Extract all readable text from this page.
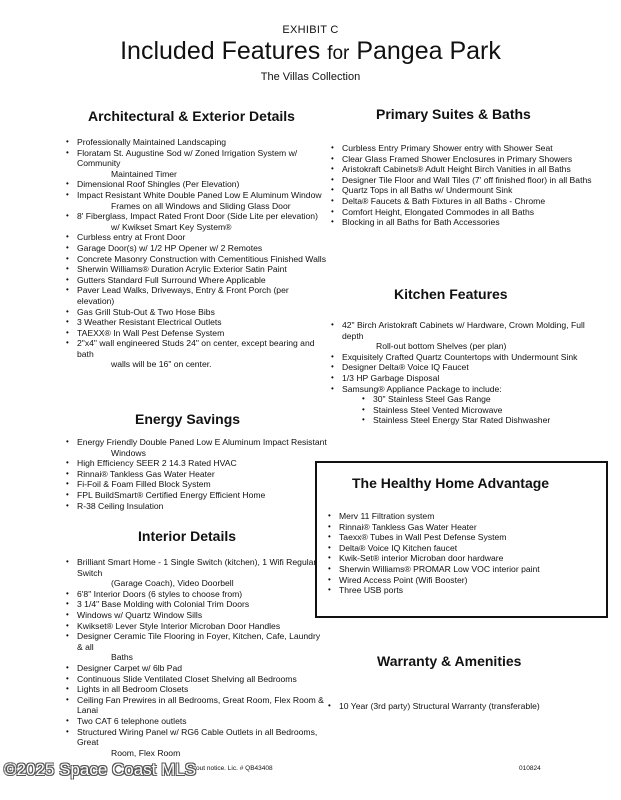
EXHIBIT C
Included Features for Pangea Park
The Villas Collection
Architectural & Exterior Details
• Professionally Maintained Landscaping
• Floratam St. Augustine Sod w/ Zoned Irrigation System w/ Community
Maintained Timer
• Dimensional Roof Shingles (Per Elevation)
• Impact Resistant White Double Paned Low E Aluminum Window
Frames on all Windows and Sliding Glass Door
• 8' Fiberglass, Impact Rated Front Door (Side Lite per elevation)
w/ Kwikset Smart Key System®
• Curbless entry at Front Door
• Garage Door(s) w/ 1/2 HP Opener w/ 2 Remotes
• Concrete Masonry Construction with Cementitious Finished Walls
• Sherwin Williams® Duration Acrylic Exterior Satin Paint
• Gutters Standard Full Surround Where Applicable
• Paver Lead Walks, Driveways, Entry & Front Porch (per elevation)
• Gas Grill Stub-Out & Two Hose Bibs
• 3 Weather Resistant Electrical Outlets
• TAEXX® In Wall Pest Defense System
• 2"x4" wall engineered Studs 24" on center, except bearing and bath
walls will be 16" on center.
Energy Savings
• Energy Friendly Double Paned Low E Aluminum Impact Resistant
Windows
• High Efficiency SEER 2 14.3 Rated HVAC
• Rinnai® Tankless Gas Water Heater
• Fi-Foil & Foam Filled Block System
• FPL BuildSmart® Certified Energy Efficient Home
• R-38 Ceiling Insulation
Interior Details
• Brilliant Smart Home - 1 Single Switch (kitchen), 1 Wifi Regular Switch
(Garage Coach), Video Doorbell
• 6'8" Interior Doors (6 styles to choose from)
• 3 1/4" Base Molding with Colonial Trim Doors
• Windows w/ Quartz Window Sills
• Kwikset® Lever Style Interior Microban Door Handles
• Designer Ceramic Tile Flooring in Foyer, Kitchen, Cafe, Laundry & all
Baths
• Designer Carpet w/ 6lb Pad
• Continuous Slide Ventilated Closet Shelving all Bedrooms
• Lights in all Bedroom Closets
• Ceiling Fan Prewires in all Bedrooms, Great Room, Flex Room & Lanai
• Two CAT 6 telephone outlets
• Structured Wiring Panel w/ RG6 Cable Outlets in all Bedrooms, Great
Room, Flex Room
Primary Suites & Baths
• Curbless Entry Primary Shower entry with Shower Seat
• Clear Glass Framed Shower Enclosures in Primary Showers
• Aristokraft Cabinets® Adult Height Birch Vanities in all Baths
• Designer Tile Floor and Wall Tiles (7' off finished floor) in all Baths
• Quartz Tops in all Baths w/ Undermount Sink
• Delta® Faucets & Bath Fixtures in all Baths - Chrome
• Comfort Height, Elongated Commodes in all Baths
• Blocking in all Baths for Bath Accessories
Kitchen Features
• 42" Birch Aristokraft Cabinets w/ Hardware, Crown Molding, Full depth
Roll-out bottom Shelves (per plan)
• Exquisitely Crafted Quartz Countertops with Undermount Sink
• Designer Delta® Voice IQ Faucet
• 1/3 HP Garbage Disposal
• Samsung® Appliance Package to include:
• 30" Stainless Steel Gas Range
• Stainless Steel Vented Microwave
• Stainless Steel Energy Star Rated Dishwasher
The Healthy Home Advantage
• Merv 11 Filtration system
• Rinnai® Tankless Gas Water Heater
• Taexx® Tubes in Wall Pest Defense System
• Delta® Voice IQ Kitchen faucet
• Kwik-Set® interior Microban door hardware
• Sherwin Williams® PROMAR Low VOC interior paint
• Wired Access Point (Wifi Booster)
• Three USB ports
Warranty & Amenities
• 10 Year (3rd party) Structural Warranty (transferable)
©2025 Space Coast MLS out notice. Lic. # QB43408	010824
